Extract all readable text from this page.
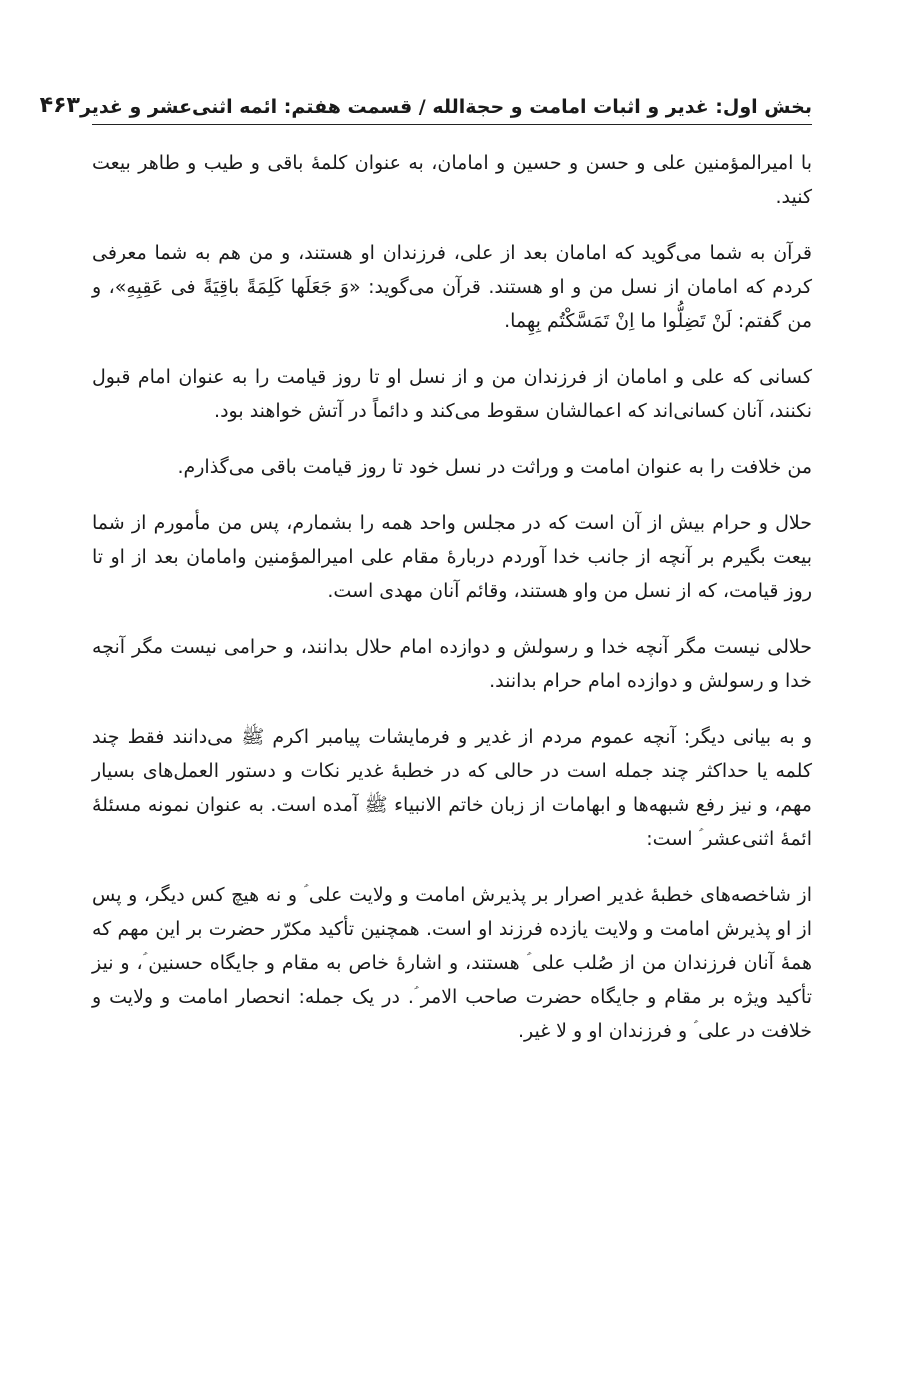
بخش اول: غدیر و اثبات امامت و حجةالله / قسمت هفتم: ائمه اثنی‌عشر و غدیر
۴۶۳

با امیرالمؤمنین علی و حسن و حسین و امامان، به عنوان کلمۀ باقی و طیب و طاهر بیعت کنید.

قرآن به شما می‌گوید که امامان بعد از علی، فرزندان او هستند، و من هم به شما معرفی کردم که امامان از نسل من و او هستند. قرآن می‌گوید: «وَ جَعَلَها کَلِمَةً باقِیَةً فی عَقِبِهِ»، و من گفتم: لَنْ تَضِلُّوا ما اِنْ تَمَسَّکْتُم بِهِما.

کسانی که علی و امامان از فرزندان من و از نسل او تا روز قیامت را به عنوان امام قبول نکنند، آنان کسانی‌اند که اعمالشان سقوط می‌کند و دائماً در آتش خواهند بود.

من خلافت را به عنوان امامت و وراثت در نسل خود تا روز قیامت باقی می‌گذارم.

حلال و حرام بیش از آن است که در مجلس واحد همه را بشمارم، پس من مأمورم از شما بیعت بگیرم بر آنچه از جانب خدا آوردم دربارۀ مقام علی امیرالمؤمنین وامامان بعد از او تا روز قیامت، که از نسل من واو هستند، وقائم آنان مهدی است.

حلالی نیست مگر آنچه خدا و رسولش و دوازده امام حلال بدانند، و حرامی نیست مگر آنچه خدا و رسولش و دوازده امام حرام بدانند.

و به بیانی دیگر: آنچه عموم مردم از غدیر و فرمایشات پیامبر اکرم ﷺ می‌دانند فقط چند کلمه یا حداکثر چند جمله است در حالی که در خطبۀ غدیر نکات و دستور العمل‌های بسیار مهم، و نیز رفع شبهه‌ها و ابهامات از زبان خاتم الانبیاء ﷺ آمده است. به عنوان نمونه مسئلۀ ائمۀ اثنی‌عشر ؑ است:

از شاخصه‌های خطبۀ غدیر اصرار بر پذیرش امامت و ولایت علی ؑ و نه هیچ کس دیگر، و پس از او پذیرش امامت و ولایت یازده فرزند او است. همچنین تأکید مکرّر حضرت بر این مهم که همۀ آنان فرزندان من از صُلب علی ؑ هستند، و اشارۀ خاص به مقام و جایگاه حسنین ؑ، و نیز تأکید ویژه بر مقام و جایگاه حضرت صاحب الامر ؑ. در یک جمله: انحصار امامت و ولایت و خلافت در علی ؑ و فرزندان او و لا غیر.
